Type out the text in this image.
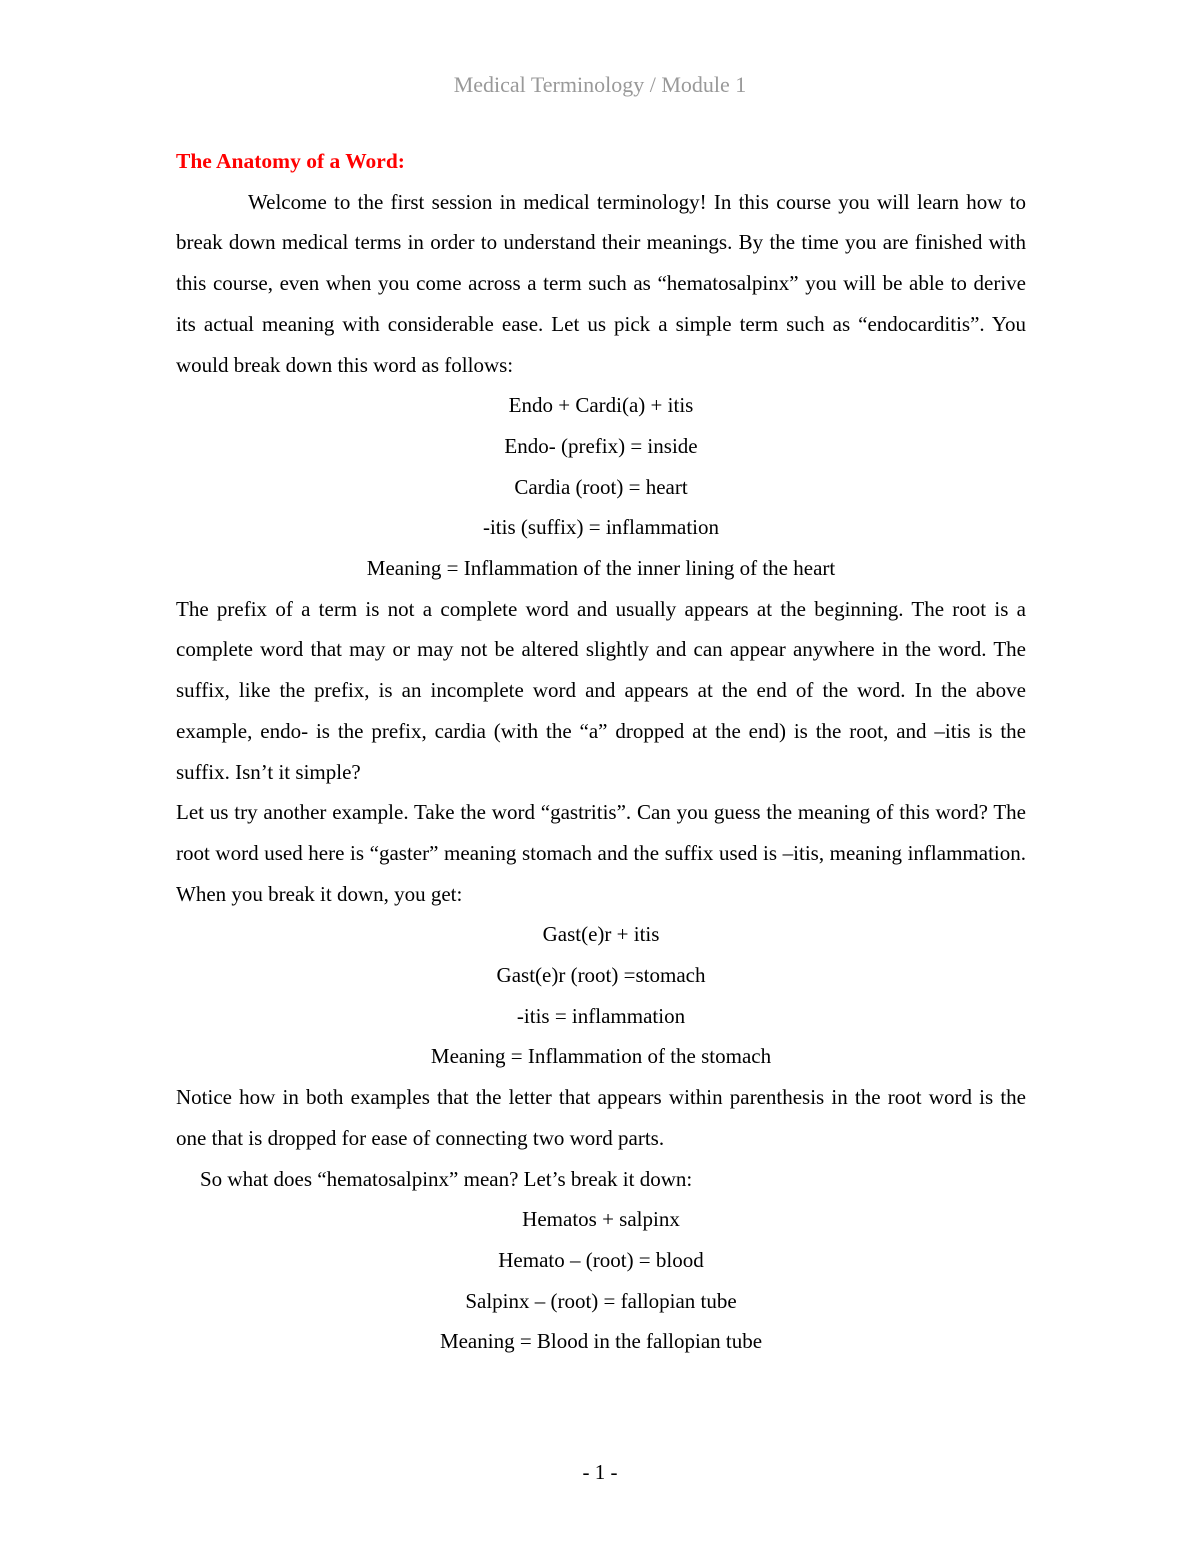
Medical Terminology / Module 1
The Anatomy of a Word:

Welcome to the first session in medical terminology! In this course you will learn how to break down medical terms in order to understand their meanings. By the time you are finished with this course, even when you come across a term such as “hematosalpinx” you will be able to derive its actual meaning with considerable ease. Let us pick a simple term such as “endocarditis”. You would break down this word as follows:

Endo + Cardi(a) + itis

Endo- (prefix) = inside

Cardia (root) = heart

-itis (suffix) = inflammation

Meaning = Inflammation of the inner lining of the heart

The prefix of a term is not a complete word and usually appears at the beginning. The root is a complete word that may or may not be altered slightly and can appear anywhere in the word. The suffix, like the prefix, is an incomplete word and appears at the end of the word. In the above example, endo- is the prefix, cardia (with the “a” dropped at the end) is the root, and –itis is the suffix. Isn’t it simple?

Let us try another example. Take the word “gastritis”. Can you guess the meaning of this word? The root word used here is “gaster” meaning stomach and the suffix used is –itis, meaning inflammation. When you break it down, you get:

Gast(e)r + itis

Gast(e)r (root) =stomach

-itis = inflammation

Meaning = Inflammation of the stomach

Notice how in both examples that the letter that appears within parenthesis in the root word is the one that is dropped for ease of connecting two word parts.

So what does “hematosalpinx” mean? Let’s break it down:

Hematos + salpinx

Hemato – (root) = blood

Salpinx – (root) = fallopian tube

Meaning = Blood in the fallopian tube

- 1 -
